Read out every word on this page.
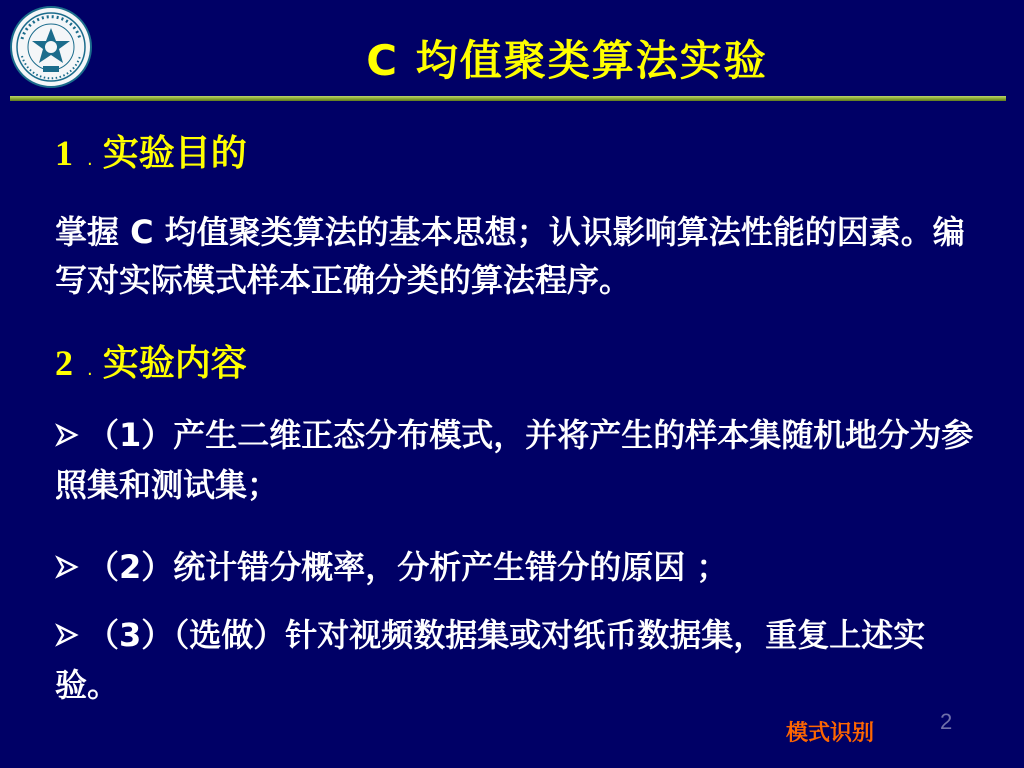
C 均值聚类算法实验
1 . 实验目的
掌握 C 均值聚类算法的基本思想；认识影响算法性能的因素。编写对实际模式样本正确分类的算法程序。
2 . 实验内容
（1）产生二维正态分布模式，并将产生的样本集随机地分为参照集和测试集；
（2）统计错分概率，分析产生错分的原因 ；
（3）（选做）针对视频数据集或对纸币数据集，重复上述实验。
模式识别	2
